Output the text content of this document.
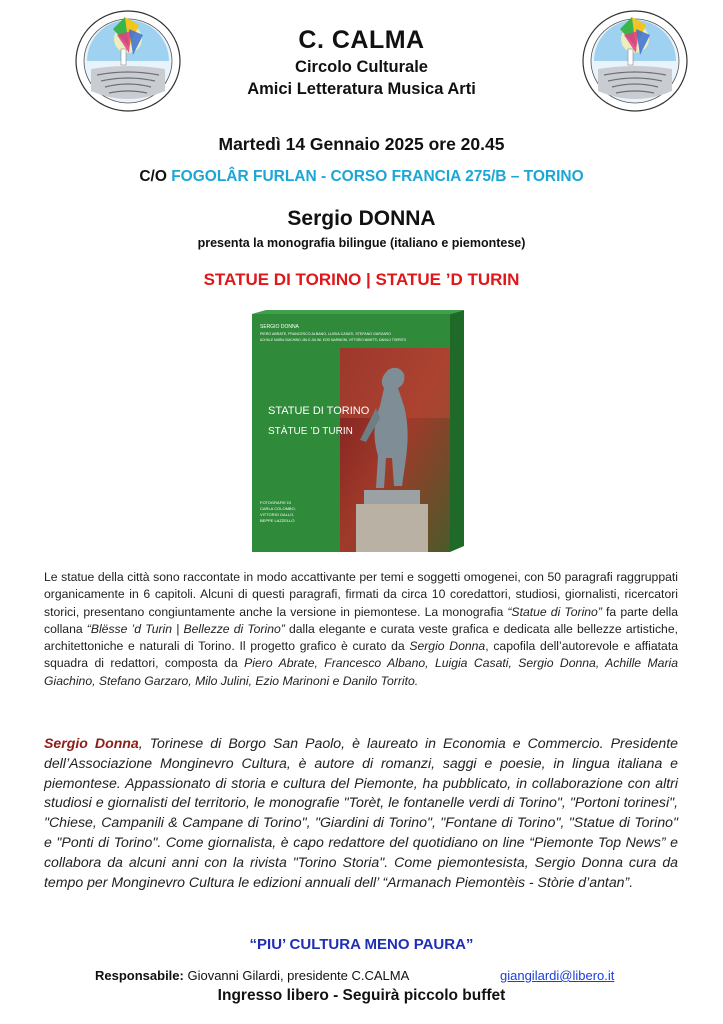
C. CALMA
Circolo Culturale
Amici Letteratura Musica Arti
Martedì 14 Gennaio 2025 ore 20.45
C/O FOGOLÂR FURLAN - CORSO FRANCIA 275/B – TORINO
Sergio DONNA
presenta la monografia bilingue (italiano e piemontese)
STATUE DI TORINO | STATUE ’D TURIN
SERGIO DONNA
PIERO ABRATE, FRANCESCO ALBANO, LUIGIA CASATI, STEFANO GARZARO
ACHILLE MARIA GIACHINO, MILO JULINI, EZIO MARINONI, VITTORIO MINETTI, DANILO TORRITO
STATUE DI TORINO
STÀTUE ’D TURIN
FOTOGRAFIE DI
CARLA COLOMBO,
VITTORIO GALLO,
BEPPE LAZZELLO
Le statue della città sono raccontate in modo accattivante per temi e soggetti omogenei, con 50 paragrafi raggruppati organicamente in 6 capitoli. Alcuni di questi paragrafi, firmati da circa 10 coredattori, studiosi, giornalisti, ricercatori storici, presentano congiuntamente anche la versione in piemontese. La monografia “Statue di Torino” fa parte della collana “Blësse ’d Turin | Bellezze di Torino” dalla elegante e curata veste grafica e dedicata alle bellezze artistiche, architettoniche e naturali di Torino. Il progetto grafico è curato da Sergio Donna, capofila dell’autorevole e affiatata squadra di redattori, composta da Piero Abrate, Francesco Albano, Luigia Casati, Sergio Donna, Achille Maria Giachino, Stefano Garzaro, Milo Julini, Ezio Marinoni e Danilo Torrito.
Sergio Donna, Torinese di Borgo San Paolo, è laureato in Economia e Commercio. Presidente dell’Associazione Monginevro Cultura, è autore di romanzi, saggi e poesie, in lingua italiana e piemontese. Appassionato di storia e cultura del Piemonte, ha pubblicato, in collaborazione con altri studiosi e giornalisti del territorio, le monografie "Torèt, le fontanelle verdi di Torino", "Portoni torinesi", "Chiese, Campanili & Campane di Torino", "Giardini di Torino", "Fontane di Torino", "Statue di Torino" e "Ponti di Torino". Come giornalista, è capo redattore del quotidiano on line “Piemonte Top News” e collabora da alcuni anni con la rivista "Torino Storia". Come piemontesista, Sergio Donna cura da tempo per Monginevro Cultura le edizioni annuali dell’ “Armanach Piemontèis - Stòrie d’antan”.
“PIU’ CULTURA MENO PAURA”
Responsabile: Giovanni Gilardi, presidente C.CALMA	giangilardi@libero.it
Ingresso libero - Seguirà piccolo buffet
